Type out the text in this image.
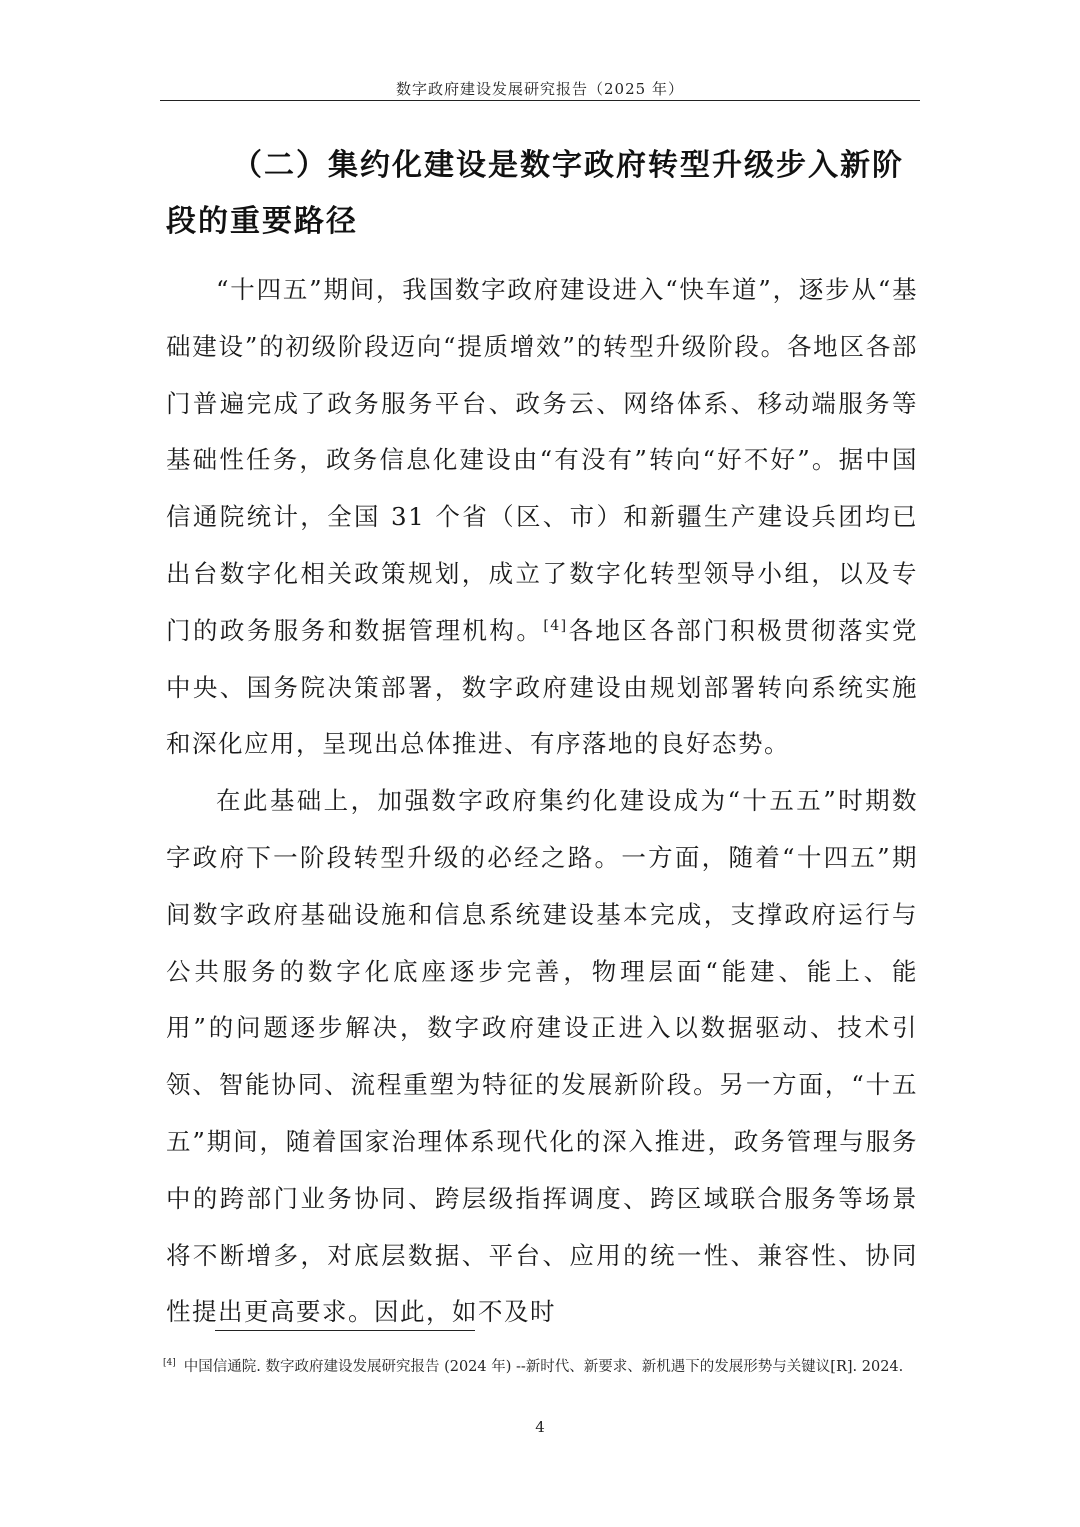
数字政府建设发展研究报告（2025 年）
（二）集约化建设是数字政府转型升级步入新阶段的重要路径

“十四五”期间，我国数字政府建设进入“快车道”，逐步从“基础建设”的初级阶段迈向“提质增效”的转型升级阶段。各地区各部门普遍完成了政务服务平台、政务云、网络体系、移动端服务等基础性任务，政务信息化建设由“有没有”转向“好不好”。据中国信通院统计，全国 31 个省（区、市）和新疆生产建设兵团均已出台数字化相关政策规划，成立了数字化转型领导小组，以及专门的政务服务和数据管理机构。[4]各地区各部门积极贯彻落实党中央、国务院决策部署，数字政府建设由规划部署转向系统实施和深化应用，呈现出总体推进、有序落地的良好态势。

在此基础上，加强数字政府集约化建设成为“十五五”时期数字政府下一阶段转型升级的必经之路。一方面，随着“十四五”期间数字政府基础设施和信息系统建设基本完成，支撑政府运行与公共服务的数字化底座逐步完善，物理层面“能建、能上、能用”的问题逐步解决，数字政府建设正进入以数据驱动、技术引领、智能协同、流程重塑为特征的发展新阶段。另一方面，“十五五”期间，随着国家治理体系现代化的深入推进，政务管理与服务中的跨部门业务协同、跨层级指挥调度、跨区域联合服务等场景将不断增多，对底层数据、平台、应用的统一性、兼容性、协同性提出更高要求。因此，如不及时

[4] 中国信通院. 数字政府建设发展研究报告 (2024 年) --新时代、新要求、新机遇下的发展形势与关键议[R]. 2024.
4
